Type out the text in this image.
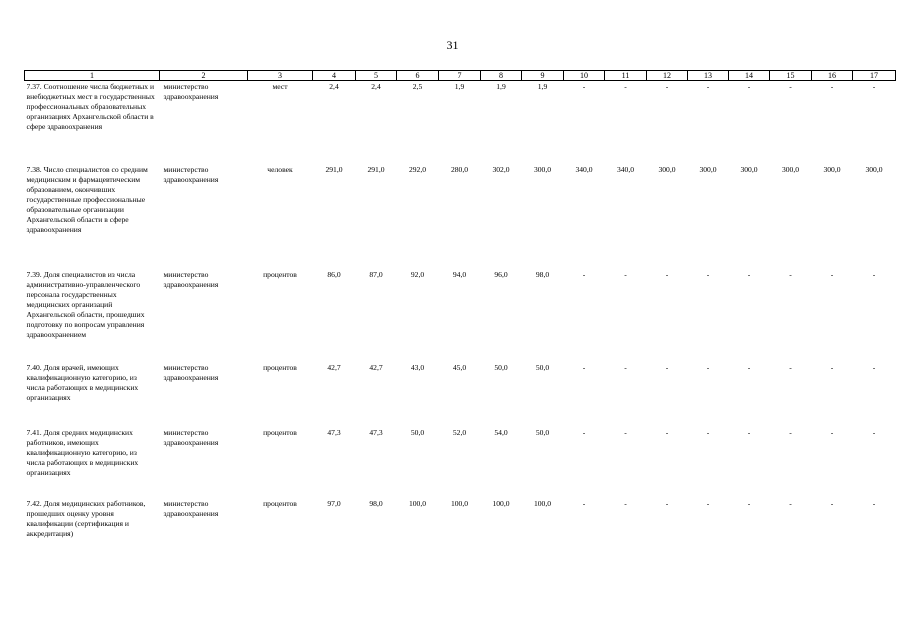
31
1	2	3	4	5	6	7	8	9	10	11	12	13	14	15	16	17
7.37. Соотношение числа бюджетных и внебюджетных мест в государственных профессиональных образовательных организациях Архангельской области в сфере здравоохранения	министерство здравоохранения	мест	2,4	2,4	2,5	1,9	1,9	1,9	-	-	-	-	-	-	-	-
7.38. Число специалистов со средним медицинским и фармацевтическим образованием, окончивших государственные профессиональные образовательные организации Архангельской области в сфере здравоохранения	министерство здравоохранения	человек	291,0	291,0	292,0	280,0	302,0	300,0	340,0	340,0	300,0	300,0	300,0	300,0	300,0	300,0
7.39. Доля специалистов из числа административно-управленческого персонала государственных медицинских организаций Архангельской области, прошедших подготовку по вопросам управления здравоохранением	министерство здравоохранения	процентов	86,0	87,0	92,0	94,0	96,0	98,0	-	-	-	-	-	-	-	-
7.40. Доля врачей, имеющих квалификационную категорию, из числа работающих в медицинских организациях	министерство здравоохранения	процентов	42,7	42,7	43,0	45,0	50,0	50,0	-	-	-	-	-	-	-	-
7.41. Доля средних медицинских работников, имеющих квалификационную категорию, из числа работающих в медицинских организациях	министерство здравоохранения	процентов	47,3	47,3	50,0	52,0	54,0	50,0	-	-	-	-	-	-	-	-
7.42. Доля медицинских работников, прошедших оценку уровня квалификации (сертификация и аккредитация)	министерство здравоохранения	процентов	97,0	98,0	100,0	100,0	100,0	100,0	-	-	-	-	-	-	-	-
